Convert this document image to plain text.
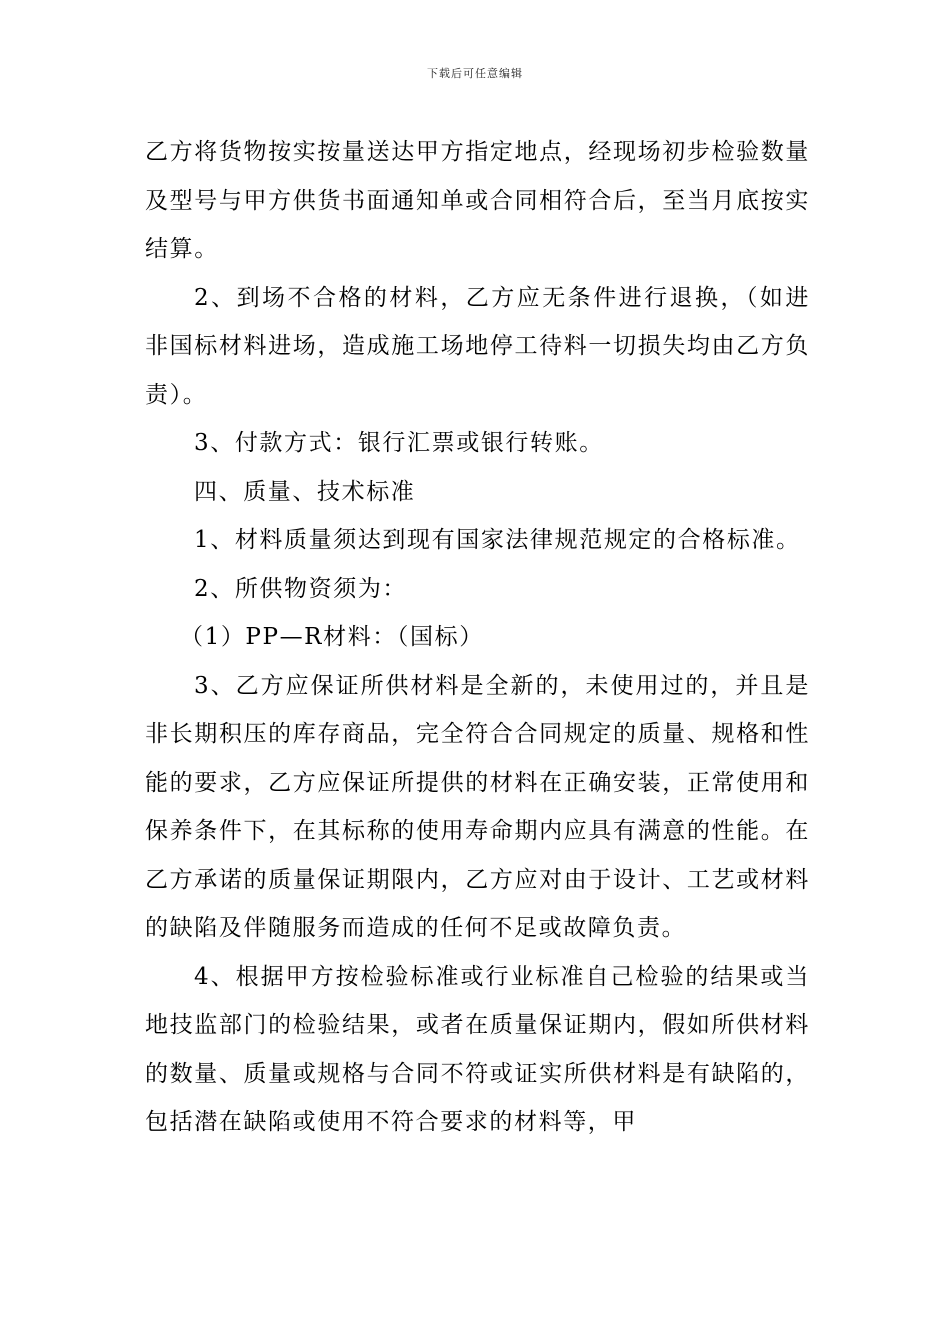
下载后可任意编辑

乙方将货物按实按量送达甲方指定地点，经现场初步检验数量及型号与甲方供货书面通知单或合同相符合后，至当月底按实结算。

2、到场不合格的材料，乙方应无条件进行退换，（如进非国标材料进场，造成施工场地停工待料一切损失均由乙方负责）。

3、付款方式：银行汇票或银行转账。

四、质量、技术标准

1、材料质量须达到现有国家法律规范规定的合格标准。

2、所供物资须为：

（1）PP—R材料：（国标）

3、乙方应保证所供材料是全新的，未使用过的，并且是非长期积压的库存商品，完全符合合同规定的质量、规格和性能的要求，乙方应保证所提供的材料在正确安装，正常使用和保养条件下，在其标称的使用寿命期内应具有满意的性能。在乙方承诺的质量保证期限内，乙方应对由于设计、工艺或材料的缺陷及伴随服务而造成的任何不足或故障负责。

4、根据甲方按检验标准或行业标准自己检验的结果或当地技监部门的检验结果，或者在质量保证期内，假如所供材料的数量、质量或规格与合同不符或证实所供材料是有缺陷的，包括潜在缺陷或使用不符合要求的材料等，甲
